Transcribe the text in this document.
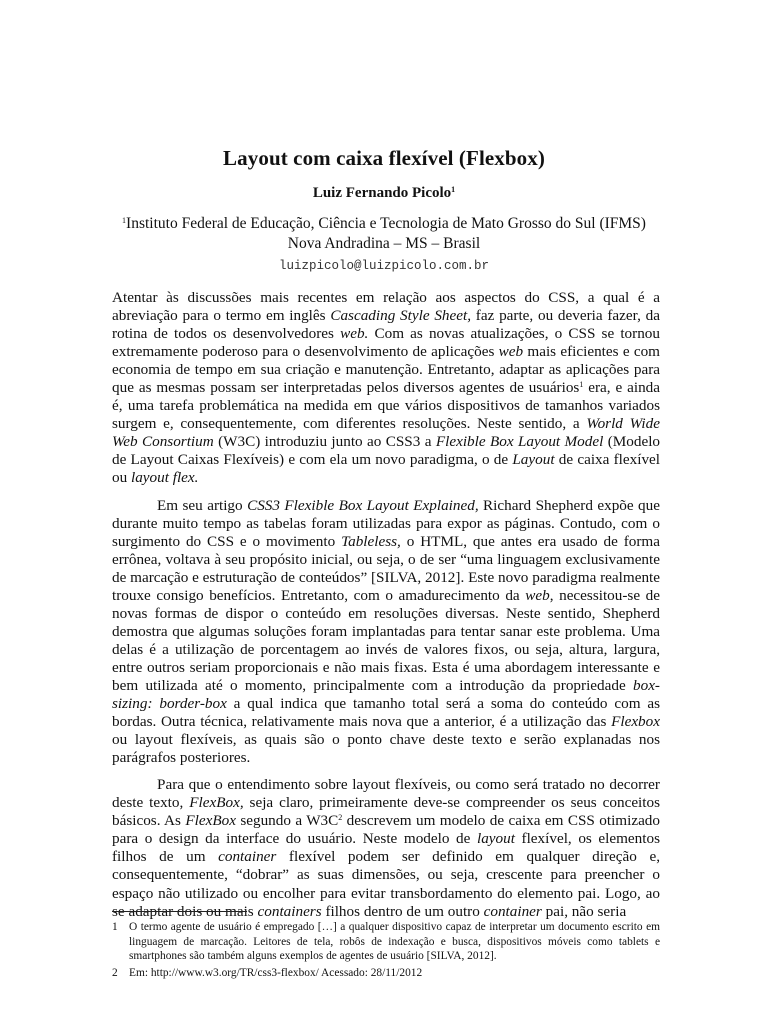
Layout com caixa flexível (Flexbox)
Luiz Fernando Picolo$^1$
$^1$Instituto Federal de Educação, Ciência e Tecnologia de Mato Grosso do Sul (IFMS)
Nova Andradina – MS – Brasil
luizpicolo@luizpicolo.com.br

Atentar às discussões mais recentes em relação aos aspectos do CSS, a qual é a abreviação para o termo em inglês Cascading Style Sheet, faz parte, ou deveria fazer, da rotina de todos os desenvolvedores web. Com as novas atualizações, o CSS se tornou extremamente poderoso para o desenvolvimento de aplicações web mais eficientes e com economia de tempo em sua criação e manutenção. Entretanto, adaptar as aplicações para que as mesmas possam ser interpretadas pelos diversos agentes de usuários$^1$ era, e ainda é, uma tarefa problemática na medida em que vários dispositivos de tamanhos variados surgem e, consequentemente, com diferentes resoluções. Neste sentido, a World Wide Web Consortium (W3C) introduziu junto ao CSS3 a Flexible Box Layout Model (Modelo de Layout Caixas Flexíveis) e com ela um novo paradigma, o de Layout de caixa flexível ou layout flex.

Em seu artigo CSS3 Flexible Box Layout Explained, Richard Shepherd expõe que durante muito tempo as tabelas foram utilizadas para expor as páginas. Contudo, com o surgimento do CSS e o movimento Tableless, o HTML, que antes era usado de forma errônea, voltava à seu propósito inicial, ou seja, o de ser “uma linguagem exclusivamente de marcação e estruturação de conteúdos” [SILVA, 2012]. Este novo paradigma realmente trouxe consigo benefícios. Entretanto, com o amadurecimento da web, necessitou-se de novas formas de dispor o conteúdo em resoluções diversas. Neste sentido, Shepherd demostra que algumas soluções foram implantadas para tentar sanar este problema. Uma delas é a utilização de porcentagem ao invés de valores fixos, ou seja, altura, largura, entre outros seriam proporcionais e não mais fixas. Esta é uma abordagem interessante e bem utilizada até o momento, principalmente com a introdução da propriedade box-sizing: border-box a qual indica que tamanho total será a soma do conteúdo com as bordas. Outra técnica, relativamente mais nova que a anterior, é a utilização das Flexbox ou layout flexíveis, as quais são o ponto chave deste texto e serão explanadas nos parágrafos posteriores.

Para que o entendimento sobre layout flexíveis, ou como será tratado no decorrer deste texto, FlexBox, seja claro, primeiramente deve-se compreender os seus conceitos básicos. As FlexBox segundo a $W3C^2$ descrevem um modelo de caixa em CSS otimizado para o design da interface do usuário. Neste modelo de layout flexível, os elementos filhos de um container flexível podem ser definido em qualquer direção e, consequentemente, “dobrar” as suas dimensões, ou seja, crescente para preencher o espaço não utilizado ou encolher para evitar transbordamento do elemento pai. Logo, ao se adaptar dois ou mais containers filhos dentro de um outro container pai, não seria

1 O termo agente de usuário é empregado […] a qualquer dispositivo capaz de interpretar um documento escrito em linguagem de marcação. Leitores de tela, robôs de indexação e busca, dispositivos móveis como tablets e smartphones são também alguns exemplos de agentes de usuário [SILVA, 2012].
2 Em: http://www.w3.org/TR/css3-flexbox/ Acessado: 28/11/2012
